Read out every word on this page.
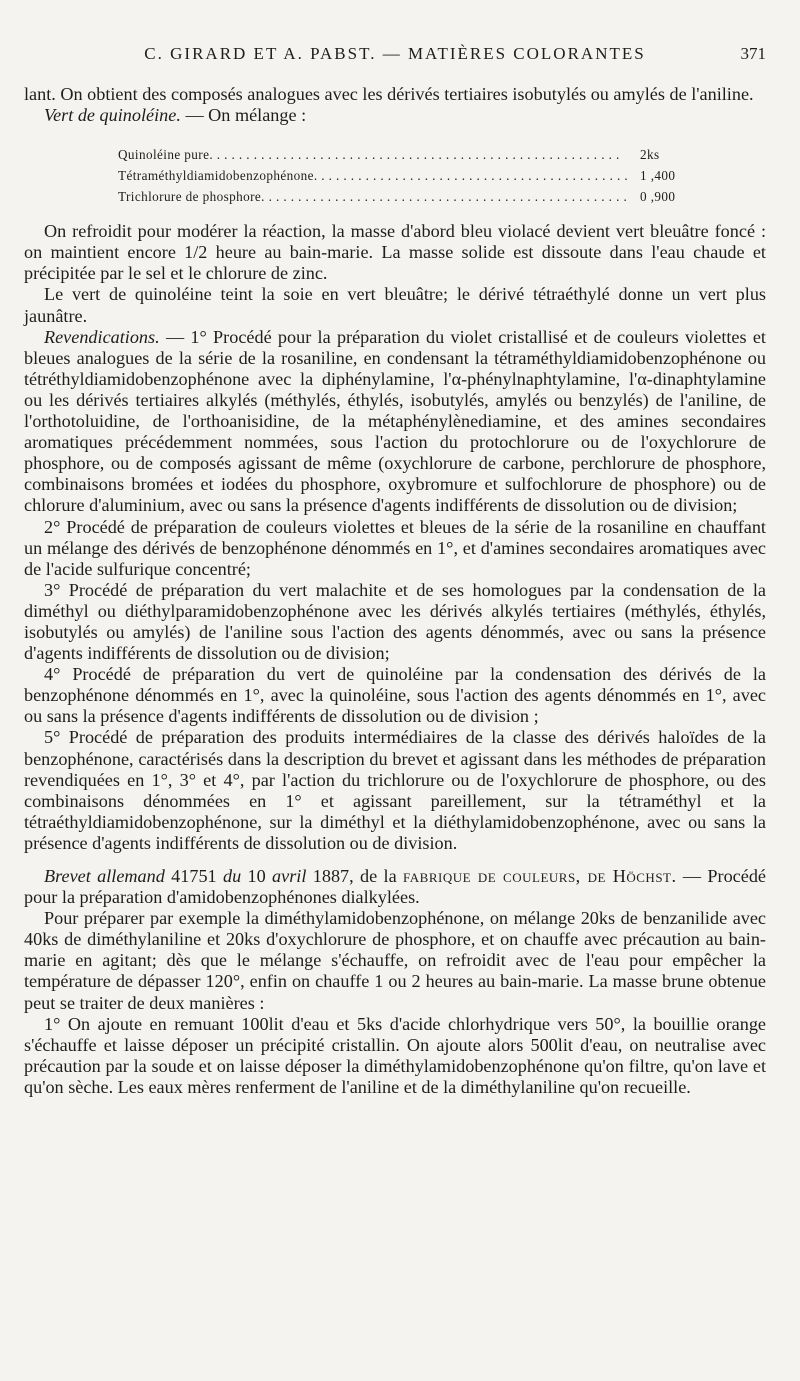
C. GIRARD ET A. PABST. — MATIÈRES COLORANTES	371

lant. On obtient des composés analogues avec les dérivés tertiaires isobutylés ou amylés de l'aniline.

Vert de quinoléine. — On mélange :

Quinoléine pure . . .	2ks
Tétraméthyldiamidobenzophénone . . .	1 ,400
Trichlorure de phosphore . . .	0 ,900

On refroidit pour modérer la réaction, la masse d'abord bleu violacé devient vert bleuâtre foncé : on maintient encore 1/2 heure au bain-marie. La masse solide est dissoute dans l'eau chaude et précipitée par le sel et le chlorure de zinc.

Le vert de quinoléine teint la soie en vert bleuâtre; le dérivé tétraéthylé donne un vert plus jaunâtre.

Revendications. — 1° Procédé pour la préparation du violet cristallisé et de couleurs violettes et bleues analogues de la série de la rosaniline, en condensant la tétraméthyldiamidobenzophénone ou tétréthyldiamidobenzophénone avec la diphénylamine, l'α-phénylnaphtylamine, l'α-dinaphtylamine ou les dérivés tertiaires alkylés (méthylés, éthylés, isobutylés, amylés ou benzylés) de l'aniline, de l'orthotoluidine, de l'orthoanisidine, de la métaphénylènediamine, et des amines secondaires aromatiques précédemment nommées, sous l'action du protochlorure ou de l'oxychlorure de phosphore, ou de composés agissant de même (oxychlorure de carbone, perchlorure de phosphore, combinaisons bromées et iodées du phosphore, oxybromure et sulfochlorure de phosphore) ou de chlorure d'aluminium, avec ou sans la présence d'agents indifférents de dissolution ou de division;

2° Procédé de préparation de couleurs violettes et bleues de la série de la rosaniline en chauffant un mélange des dérivés de benzophénone dénommés en 1°, et d'amines secondaires aromatiques avec de l'acide sulfurique concentré;

3° Procédé de préparation du vert malachite et de ses homologues par la condensation de la diméthyl ou diéthylparamidobenzophénone avec les dérivés alkylés tertiaires (méthylés, éthylés, isobutylés ou amylés) de l'aniline sous l'action des agents dénommés, avec ou sans la présence d'agents indifférents de dissolution ou de division;

4° Procédé de préparation du vert de quinoléine par la condensation des dérivés de la benzophénone dénommés en 1°, avec la quinoléine, sous l'action des agents dénommés en 1°, avec ou sans la présence d'agents indifférents de dissolution ou de division ;

5° Procédé de préparation des produits intermédiaires de la classe des dérivés haloïdes de la benzophénone, caractérisés dans la description du brevet et agissant dans les méthodes de préparation revendiquées en 1°, 3° et 4°, par l'action du trichlorure ou de l'oxychlorure de phosphore, ou des combinaisons dénommées en 1° et agissant pareillement, sur la tétraméthyl et la tétraéthyldiamidobenzophénone, sur la diméthyl et la diéthylamidobenzophénone, avec ou sans la présence d'agents indifférents de dissolution ou de division.

Brevet allemand 41751 du 10 avril 1887, de la fabrique de couleurs, de Höchst. — Procédé pour la préparation d'amidobenzophénones dialkylées.

Pour préparer par exemple la diméthylamidobenzophénone, on mélange 20ks de benzanilide avec 40ks de diméthylaniline et 20ks d'oxychlorure de phosphore, et on chauffe avec précaution au bain-marie en agitant; dès que le mélange s'échauffe, on refroidit avec de l'eau pour empêcher la température de dépasser 120°, enfin on chauffe 1 ou 2 heures au bain-marie. La masse brune obtenue peut se traiter de deux manières :

1° On ajoute en remuant 100lit d'eau et 5ks d'acide chlorhydrique vers 50°, la bouillie orange s'échauffe et laisse déposer un précipité cristallin. On ajoute alors 500lit d'eau, on neutralise avec précaution par la soude et on laisse déposer la diméthylamidobenzophénone qu'on filtre, qu'on lave et qu'on sèche. Les eaux mères renferment de l'aniline et de la diméthylaniline qu'on recueille.
